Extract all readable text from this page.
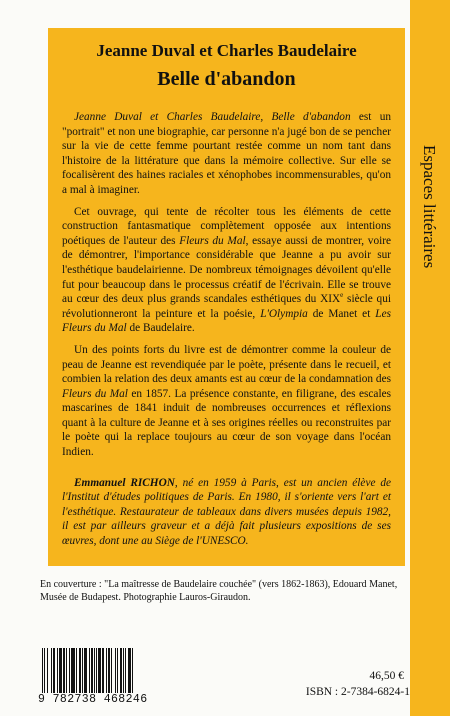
Espaces littéraires
Jeanne Duval et Charles Baudelaire
Belle d'abandon

Jeanne Duval et Charles Baudelaire, Belle d'abandon est un "portrait" et non une biographie, car personne n'a jugé bon de se pencher sur la vie de cette femme pourtant restée comme un nom tant dans l'histoire de la littérature que dans la mémoire collective. Sur elle se focalisèrent des haines raciales et xénophobes incommensurables, qu'on a mal à imaginer.

Cet ouvrage, qui tente de récolter tous les éléments de cette construction fantasmatique complètement opposée aux intentions poétiques de l'auteur des Fleurs du Mal, essaye aussi de montrer, voire de démontrer, l'importance considérable que Jeanne a pu avoir sur l'esthétique baudelairienne. De nombreux témoignages dévoilent qu'elle fut pour beaucoup dans le processus créatif de l'écrivain. Elle se trouve au cœur des deux plus grands scandales esthétiques du XIXe siècle qui révolutionneront la peinture et la poésie, L'Olympia de Manet et Les Fleurs du Mal de Baudelaire.

Un des points forts du livre est de démontrer comme la couleur de peau de Jeanne est revendiquée par le poète, présente dans le recueil, et combien la relation des deux amants est au cœur de la condamnation des Fleurs du Mal en 1857. La présence constante, en filigrane, des escales mascarines de 1841 induit de nombreuses occurrences et réflexions quant à la culture de Jeanne et à ses origines réelles ou reconstruites par le poète qui la replace toujours au cœur de son voyage dans l'océan Indien.

Emmanuel RICHON, né en 1959 à Paris, est un ancien élève de l'Institut d'études politiques de Paris. En 1980, il s'oriente vers l'art et l'esthétique. Restaurateur de tableaux dans divers musées depuis 1982, il est par ailleurs graveur et a déjà fait plusieurs expositions de ses œuvres, dont une au Siège de l'UNESCO.

En couverture : "La maîtresse de Baudelaire couchée" (vers 1862-1863), Edouard Manet, Musée de Budapest. Photographie Lauros-Giraudon.

9 782738 468246
46,50 €
ISBN : 2-7384-6824-1
